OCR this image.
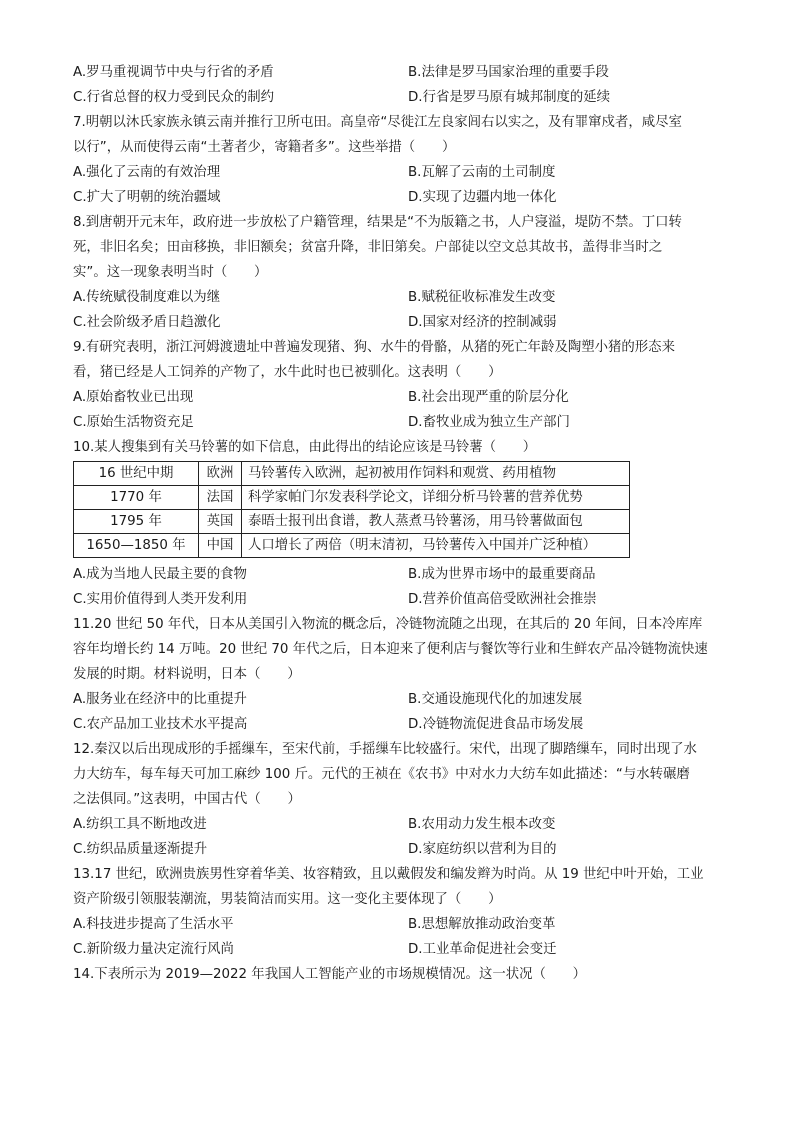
A.罗马重视调节中央与行省的矛盾	B.法律是罗马国家治理的重要手段
C.行省总督的权力受到民众的制约	D.行省是罗马原有城邦制度的延续
7.明朝以沐氏家族永镇云南并推行卫所屯田。高皇帝“尽徙江左良家闾右以实之，及有罪窜戍者，咸尽室
以行”，从而使得云南“土著者少，寄籍者多”。这些举措（　　）
A.强化了云南的有效治理	B.瓦解了云南的土司制度
C.扩大了明朝的统治疆域	D.实现了边疆内地一体化
8.到唐朝开元末年，政府进一步放松了户籍管理，结果是“不为版籍之书，人户寖溢，堤防不禁。丁口转
死，非旧名矣；田亩移换，非旧额矣；贫富升降，非旧第矣。户部徒以空文总其故书，盖得非当时之
实”。这一现象表明当时（　　）
A.传统赋役制度难以为继	B.赋税征收标准发生改变
C.社会阶级矛盾日趋激化	D.国家对经济的控制减弱
9.有研究表明，浙江河姆渡遗址中普遍发现猪、狗、水牛的骨骼，从猪的死亡年龄及陶塑小猪的形态来
看，猪已经是人工饲养的产物了，水牛此时也已被驯化。这表明（　　）
A.原始畜牧业已出现	B.社会出现严重的阶层分化
C.原始生活物资充足	D.畜牧业成为独立生产部门
10.某人搜集到有关马铃薯的如下信息，由此得出的结论应该是马铃薯（　　）
16 世纪中期	欧洲	马铃薯传入欧洲，起初被用作饲料和观赏、药用植物
1770 年	法国	科学家帕门尔发表科学论文，详细分析马铃薯的营养优势
1795 年	英国	泰晤士报刊出食谱，教人蒸煮马铃薯汤，用马铃薯做面包
1650—1850 年	中国	人口增长了两倍（明末清初，马铃薯传入中国并广泛种植）
A.成为当地人民最主要的食物	B.成为世界市场中的最重要商品
C.实用价值得到人类开发利用	D.营养价值高倍受欧洲社会推崇
11.20 世纪 50 年代，日本从美国引入物流的概念后，冷链物流随之出现，在其后的 20 年间，日本冷库库
容年均增长约 14 万吨。20 世纪 70 年代之后，日本迎来了便利店与餐饮等行业和生鲜农产品冷链物流快速
发展的时期。材料说明，日本（　　）
A.服务业在经济中的比重提升	B.交通设施现代化的加速发展
C.农产品加工业技术水平提高	D.冷链物流促进食品市场发展
12.秦汉以后出现成形的手摇缫车，至宋代前，手摇缫车比较盛行。宋代，出现了脚踏缫车，同时出现了水
力大纺车，每车每天可加工麻纱 100 斤。元代的王祯在《农书》中对水力大纺车如此描述：“与水转碾磨
之法俱同。”这表明，中国古代（　　）
A.纺织工具不断地改进	B.农用动力发生根本改变
C.纺织品质量逐渐提升	D.家庭纺织以营利为目的
13.17 世纪，欧洲贵族男性穿着华美、妆容精致，且以戴假发和编发辫为时尚。从 19 世纪中叶开始，工业
资产阶级引领服装潮流，男装简洁而实用。这一变化主要体现了（　　）
A.科技进步提高了生活水平	B.思想解放推动政治变革
C.新阶级力量决定流行风尚	D.工业革命促进社会变迁
14.下表所示为 2019—2022 年我国人工智能产业的市场规模情况。这一状况（　　）
